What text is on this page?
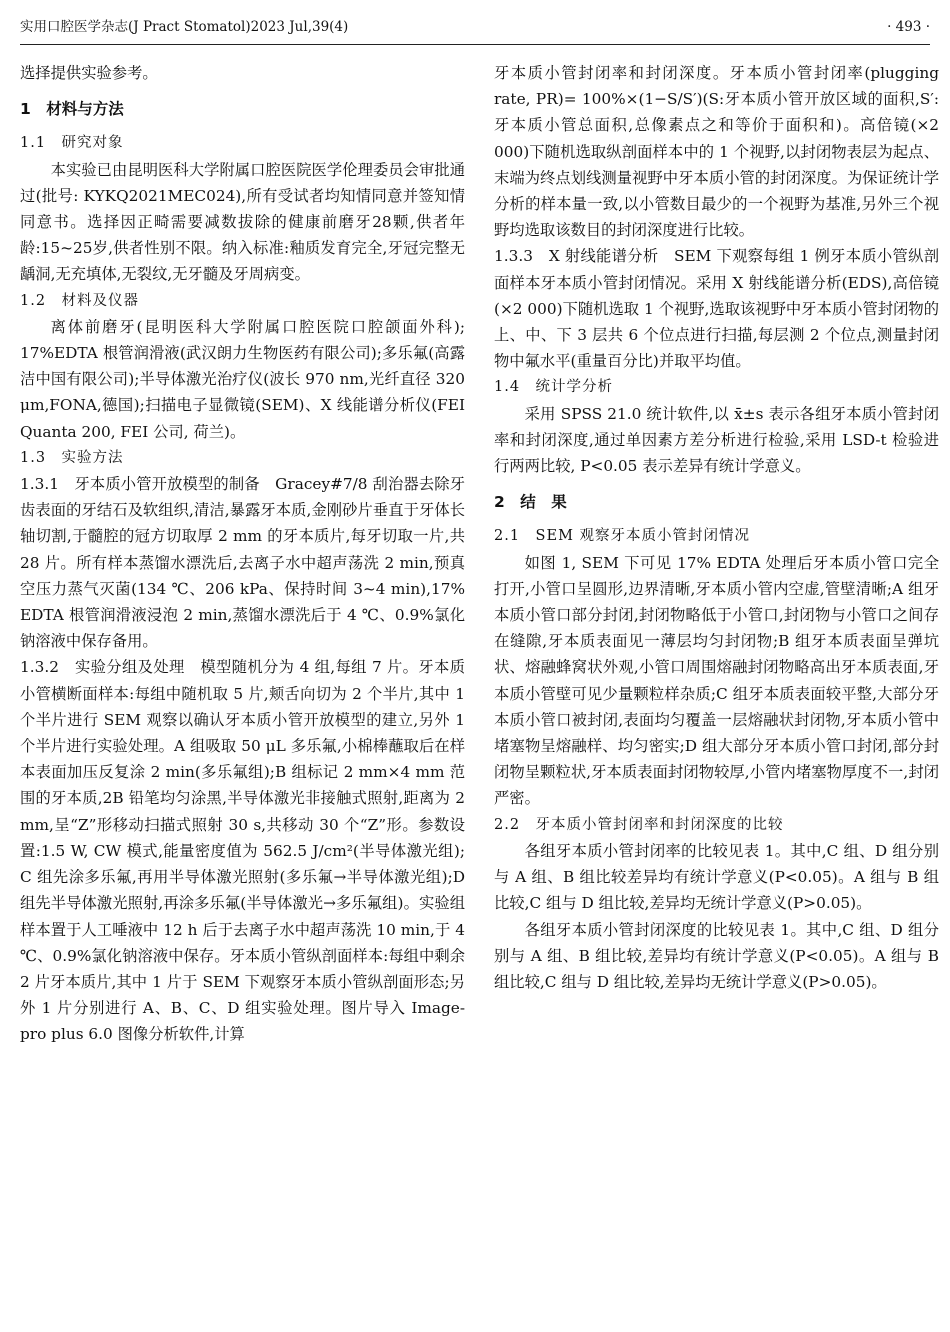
实用口腔医学杂志(J Pract Stomatol)2023 Jul,39(4)	· 493 ·

选择提供实验参考。

1　材料与方法

1.1　研究对象

本实验已由昆明医科大学附属口腔医院医学伦理委员会审批通过(批号: KYKQ2021MEC024),所有受试者均知情同意并签知情同意书。选择因正畸需要减数拔除的健康前磨牙28颗,供者年龄:15~25岁,供者性别不限。纳入标准:釉质发育完全,牙冠完整无龋洞,无充填体,无裂纹,无牙髓及牙周病变。

1.2　材料及仪器

离体前磨牙(昆明医科大学附属口腔医院口腔颌面外科); 17%EDTA 根管润滑液(武汉朗力生物医药有限公司);多乐氟(高露洁中国有限公司);半导体激光治疗仪(波长 970 nm,光纤直径 320 μm,FONA,德国);扫描电子显微镜(SEM)、X 线能谱分析仪(FEI Quanta 200, FEI 公司, 荷兰)。

1.3　实验方法

1.3.1　牙本质小管开放模型的制备　Gracey#7/8 刮治器去除牙齿表面的牙结石及软组织,清洁,暴露牙本质,金刚砂片垂直于牙体长轴切割,于髓腔的冠方切取厚 2 mm 的牙本质片,每牙切取一片,共 28 片。所有样本蒸馏水漂洗后,去离子水中超声荡洗 2 min,预真空压力蒸气灭菌(134 ℃、206 kPa、保持时间 3~4 min),17% EDTA 根管润滑液浸泡 2 min,蒸馏水漂洗后于 4 ℃、0.9%氯化钠溶液中保存备用。

1.3.2　实验分组及处理　模型随机分为 4 组,每组 7 片。牙本质小管横断面样本:每组中随机取 5 片,颊舌向切为 2 个半片,其中 1 个半片进行 SEM 观察以确认牙本质小管开放模型的建立,另外 1 个半片进行实验处理。A 组吸取 50 μL 多乐氟,小棉棒蘸取后在样本表面加压反复涂 2 min(多乐氟组);B 组标记 2 mm×4 mm 范围的牙本质,2B 铅笔均匀涂黑,半导体激光非接触式照射,距离为 2 mm,呈“Z”形移动扫描式照射 30 s,共移动 30 个“Z”形。参数设置:1.5 W, CW 模式,能量密度值为 562.5 J/cm²(半导体激光组); C 组先涂多乐氟,再用半导体激光照射(多乐氟→半导体激光组);D 组先半导体激光照射,再涂多乐氟(半导体激光→多乐氟组)。实验组样本置于人工唾液中 12 h 后于去离子水中超声荡洗 10 min,于 4 ℃、0.9%氯化钠溶液中保存。牙本质小管纵剖面样本:每组中剩余 2 片牙本质片,其中 1 片于 SEM 下观察牙本质小管纵剖面形态;另外 1 片分别进行 A、B、C、D 组实验处理。图片导入 Image-pro plus 6.0 图像分析软件,计算

牙本质小管封闭率和封闭深度。牙本质小管封闭率(plugging rate, PR)= 100%×(1−S/S′)(S:牙本质小管开放区域的面积,S′:牙本质小管总面积,总像素点之和等价于面积和)。高倍镜(×2 000)下随机选取纵剖面样本中的 1 个视野,以封闭物表层为起点、末端为终点划线测量视野中牙本质小管的封闭深度。为保证统计学分析的样本量一致,以小管数目最少的一个视野为基准,另外三个视野均选取该数目的封闭深度进行比较。

1.3.3　X 射线能谱分析　SEM 下观察每组 1 例牙本质小管纵剖面样本牙本质小管封闭情况。采用 X 射线能谱分析(EDS),高倍镜(×2 000)下随机选取 1 个视野,选取该视野中牙本质小管封闭物的上、中、下 3 层共 6 个位点进行扫描,每层测 2 个位点,测量封闭物中氟水平(重量百分比)并取平均值。

1.4　统计学分析

采用 SPSS 21.0 统计软件,以 x̄±s 表示各组牙本质小管封闭率和封闭深度,通过单因素方差分析进行检验,采用 LSD-t 检验进行两两比较, P<0.05 表示差异有统计学意义。

2　结　果

2.1　SEM 观察牙本质小管封闭情况

如图 1, SEM 下可见 17% EDTA 处理后牙本质小管口完全打开,小管口呈圆形,边界清晰,牙本质小管内空虚,管壁清晰;A 组牙本质小管口部分封闭,封闭物略低于小管口,封闭物与小管口之间存在缝隙,牙本质表面见一薄层均匀封闭物;B 组牙本质表面呈弹坑状、熔融蜂窝状外观,小管口周围熔融封闭物略高出牙本质表面,牙本质小管壁可见少量颗粒样杂质;C 组牙本质表面较平整,大部分牙本质小管口被封闭,表面均匀覆盖一层熔融状封闭物,牙本质小管中堵塞物呈熔融样、均匀密实;D 组大部分牙本质小管口封闭,部分封闭物呈颗粒状,牙本质表面封闭物较厚,小管内堵塞物厚度不一,封闭严密。

2.2　牙本质小管封闭率和封闭深度的比较

各组牙本质小管封闭率的比较见表 1。其中,C 组、D 组分别与 A 组、B 组比较差异均有统计学意义(P<0.05)。A 组与 B 组比较,C 组与 D 组比较,差异均无统计学意义(P>0.05)。

各组牙本质小管封闭深度的比较见表 1。其中,C 组、D 组分别与 A 组、B 组比较,差异均有统计学意义(P<0.05)。A 组与 B 组比较,C 组与 D 组比较,差异均无统计学意义(P>0.05)。
